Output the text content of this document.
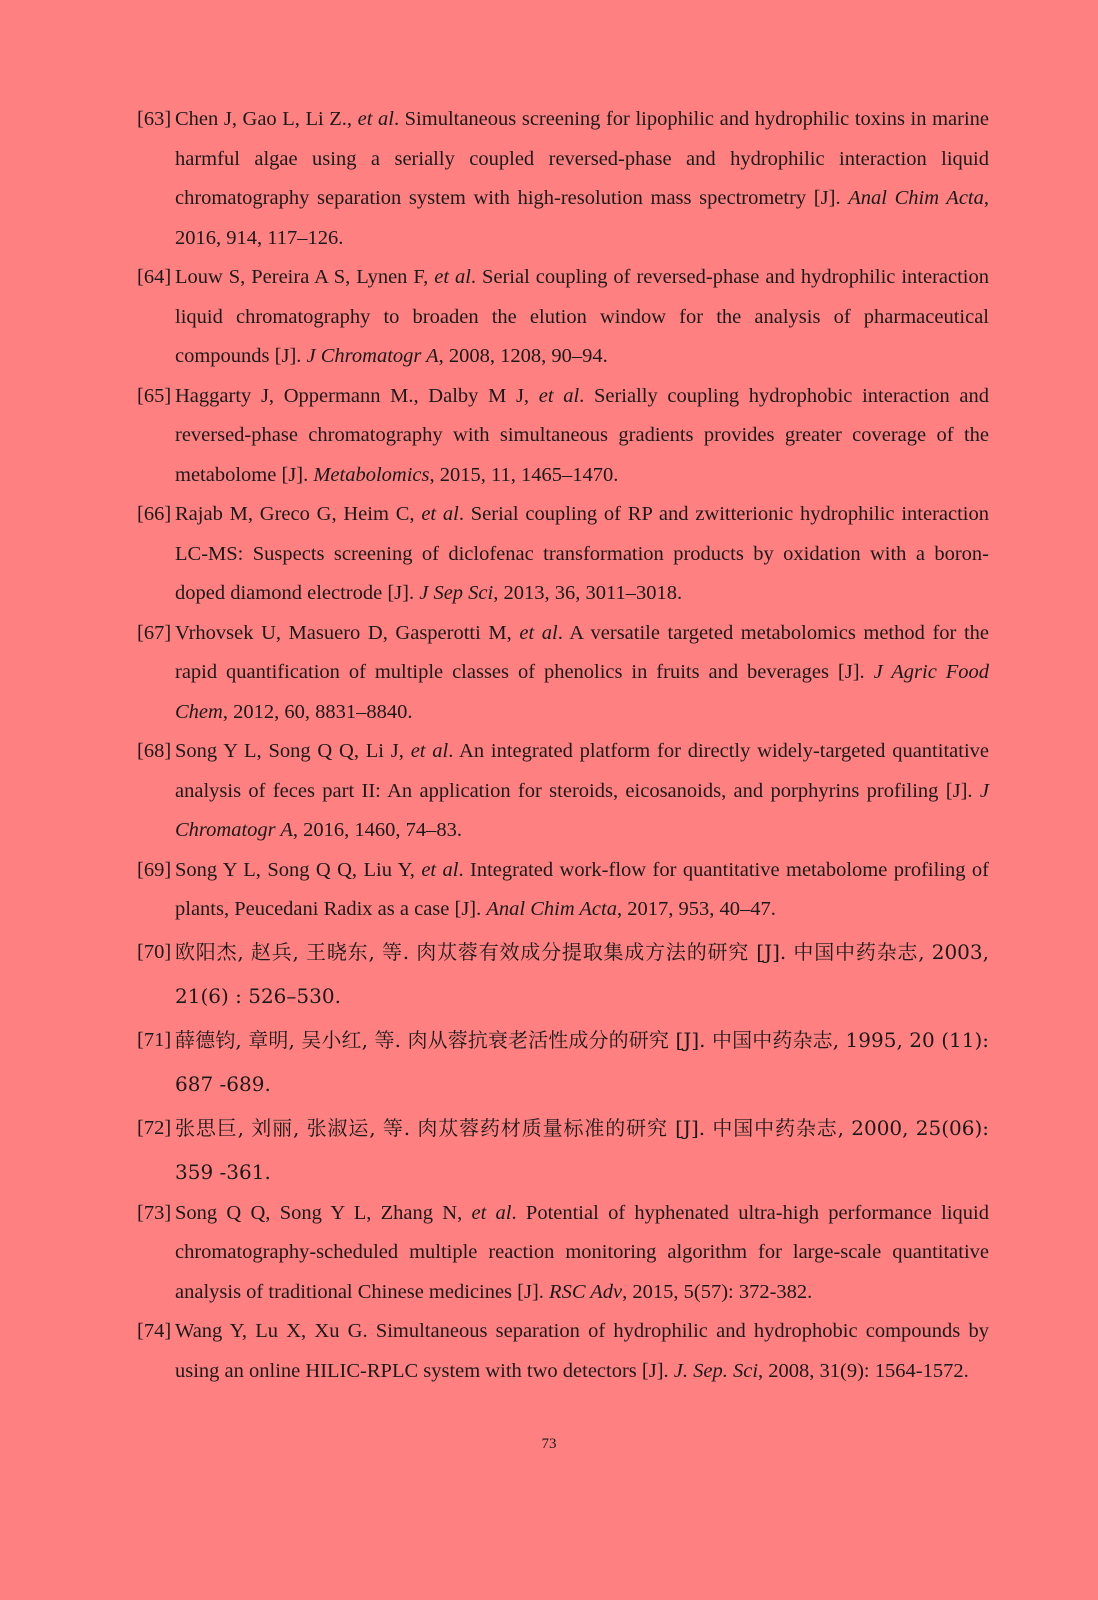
[63] Chen J, Gao L, Li Z., et al. Simultaneous screening for lipophilic and hydrophilic toxins in marine harmful algae using a serially coupled reversed-phase and hydrophilic interaction liquid chromatography separation system with high-resolution mass spectrometry [J]. Anal Chim Acta, 2016, 914, 117–126.
[64] Louw S, Pereira A S, Lynen F, et al. Serial coupling of reversed-phase and hydrophilic interaction liquid chromatography to broaden the elution window for the analysis of pharmaceutical compounds [J]. J Chromatogr A, 2008, 1208, 90–94.
[65] Haggarty J, Oppermann M., Dalby M J, et al. Serially coupling hydrophobic interaction and reversed-phase chromatography with simultaneous gradients provides greater coverage of the metabolome [J]. Metabolomics, 2015, 11, 1465–1470.
[66] Rajab M, Greco G, Heim C, et al. Serial coupling of RP and zwitterionic hydrophilic interaction LC-MS: Suspects screening of diclofenac transformation products by oxidation with a boron-doped diamond electrode [J]. J Sep Sci, 2013, 36, 3011–3018.
[67] Vrhovsek U, Masuero D, Gasperotti M, et al. A versatile targeted metabolomics method for the rapid quantification of multiple classes of phenolics in fruits and beverages [J]. J Agric Food Chem, 2012, 60, 8831–8840.
[68] Song Y L, Song Q Q, Li J, et al. An integrated platform for directly widely-targeted quantitative analysis of feces part II: An application for steroids, eicosanoids, and porphyrins profiling [J]. J Chromatogr A, 2016, 1460, 74–83.
[69] Song Y L, Song Q Q, Liu Y, et al. Integrated work-flow for quantitative metabolome profiling of plants, Peucedani Radix as a case [J]. Anal Chim Acta, 2017, 953, 40–47.
[70] 欧阳杰, 赵兵, 王晓东, 等. 肉苁蓉有效成分提取集成方法的研究 [J]. 中国中药杂志, 2003, 21(6) : 526–530.
[71] 薛德钧, 章明, 吴小红, 等. 肉从蓉抗衰老活性成分的研究 [J]. 中国中药杂志, 1995, 20 (11): 687 -689.
[72] 张思巨, 刘丽, 张淑运, 等. 肉苁蓉药材质量标准的研究 [J]. 中国中药杂志, 2000, 25(06): 359 -361.
[73] Song Q Q, Song Y L, Zhang N, et al. Potential of hyphenated ultra-high performance liquid chromatography-scheduled multiple reaction monitoring algorithm for large-scale quantitative analysis of traditional Chinese medicines [J]. RSC Adv, 2015, 5(57): 372-382.
[74] Wang Y, Lu X, Xu G. Simultaneous separation of hydrophilic and hydrophobic compounds by using an online HILIC-RPLC system with two detectors [J]. J. Sep. Sci, 2008, 31(9): 1564-1572.
73
